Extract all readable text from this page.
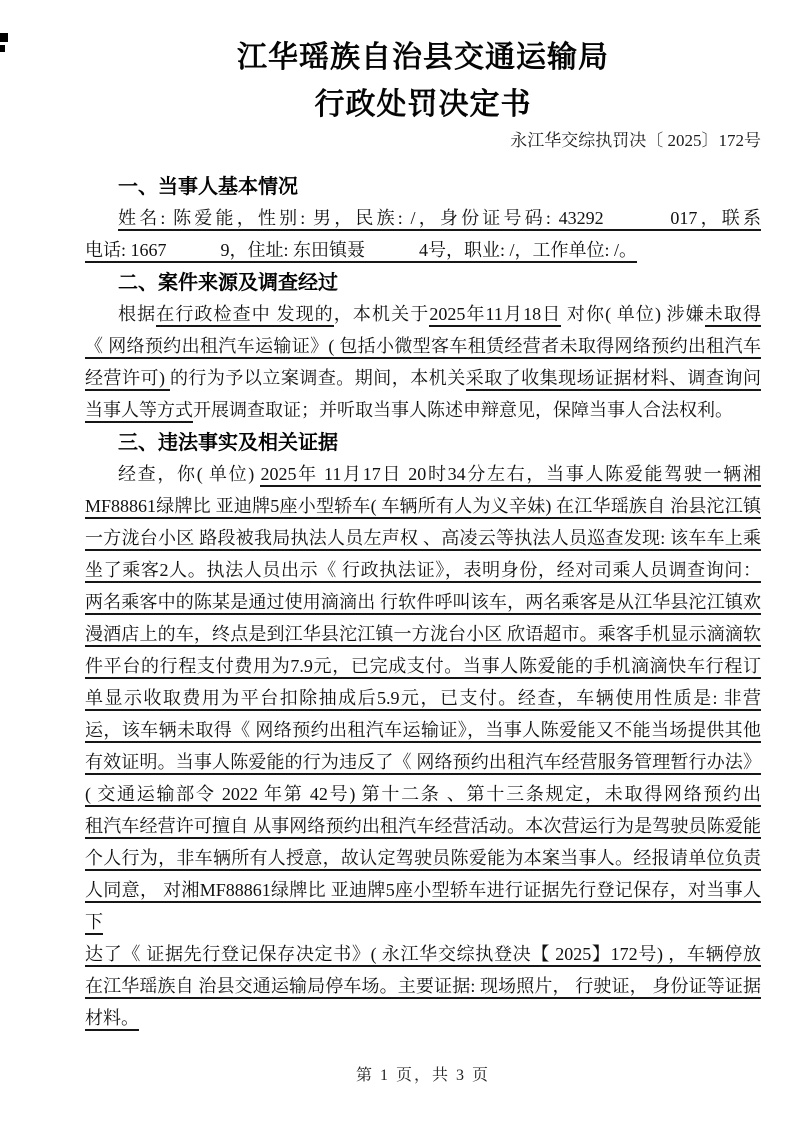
江华瑶族自治县交通运输局
行政处罚决定书
永江华交综执罚决〔 2025〕172号
一、当事人基本情况
姓名: 陈爱能，性别: 男，民族: /，身份证号码: 43292　　　017，联系
电话: 1667　　　9，住址: 东田镇聂　　　4号，职业: /，工作单位: /。
二、案件来源及调查经过
根据在行政检查中 发现的，本机关于2025年11月18日 对你( 单位) 涉嫌未取得
《 网络预约出租汽车运输证》( 包括小微型客车租赁经营者未取得网络预约出租汽车
经营许可) 的行为予以立案调查。期间，本机关采取了收集现场证据材料、调查询问
当事人等方式开展调查取证；并听取当事人陈述申辩意见，保障当事人合法权利。
三、违法事实及相关证据
经查，你( 单位) 2025年 11月17日 20时34分左右，当事人陈爱能驾驶一辆湘
MF88861绿牌比 亚迪牌5座小型轿车( 车辆所有人为义辛妹) 在江华瑶族自 治县沱江镇
一方泷台小区 路段被我局执法人员左声权 、高凌云等执法人员巡查发现: 该车车上乘
坐了乘客2人。执法人员出示《 行政执法证》，表明身份，经对司乘人员调查询问：
两名乘客中的陈某是通过使用滴滴出 行软件呼叫该车，两名乘客是从江华县沱江镇欢
漫酒店上的车，终点是到江华县沱江镇一方泷台小区 欣语超市。乘客手机显示滴滴软
件平台的行程支付费用为7.9元，已完成支付。当事人陈爱能的手机滴滴快车行程订
单显示收取费用为平台扣除抽成后5.9元，已支付。经查，车辆使用性质是: 非营
运，该车辆未取得《 网络预约出租汽车运输证》，当事人陈爱能又不能当场提供其他
有效证明。当事人陈爱能的行为违反了《 网络预约出租汽车经营服务管理暂行办法》
( 交通运输部令 2022 年第 42号) 第十二条 、第十三条规定，未取得网络预约出
租汽车经营许可擅自 从事网络预约出租汽车经营活动。本次营运行为是驾驶员陈爱能
个人行为，非车辆所有人授意，故认定驾驶员陈爱能为本案当事人。经报请单位负责
人同意， 对湘MF88861绿牌比 亚迪牌5座小型轿车进行证据先行登记保存，对当事人下
达了《 证据先行登记保存决定书》( 永江华交综执登决【 2025】172号) ，车辆停放
在江华瑶族自 治县交通运输局停车场。主要证据: 现场照片， 行驶证， 身份证等证据
材料。
第 1 页，共 3 页
